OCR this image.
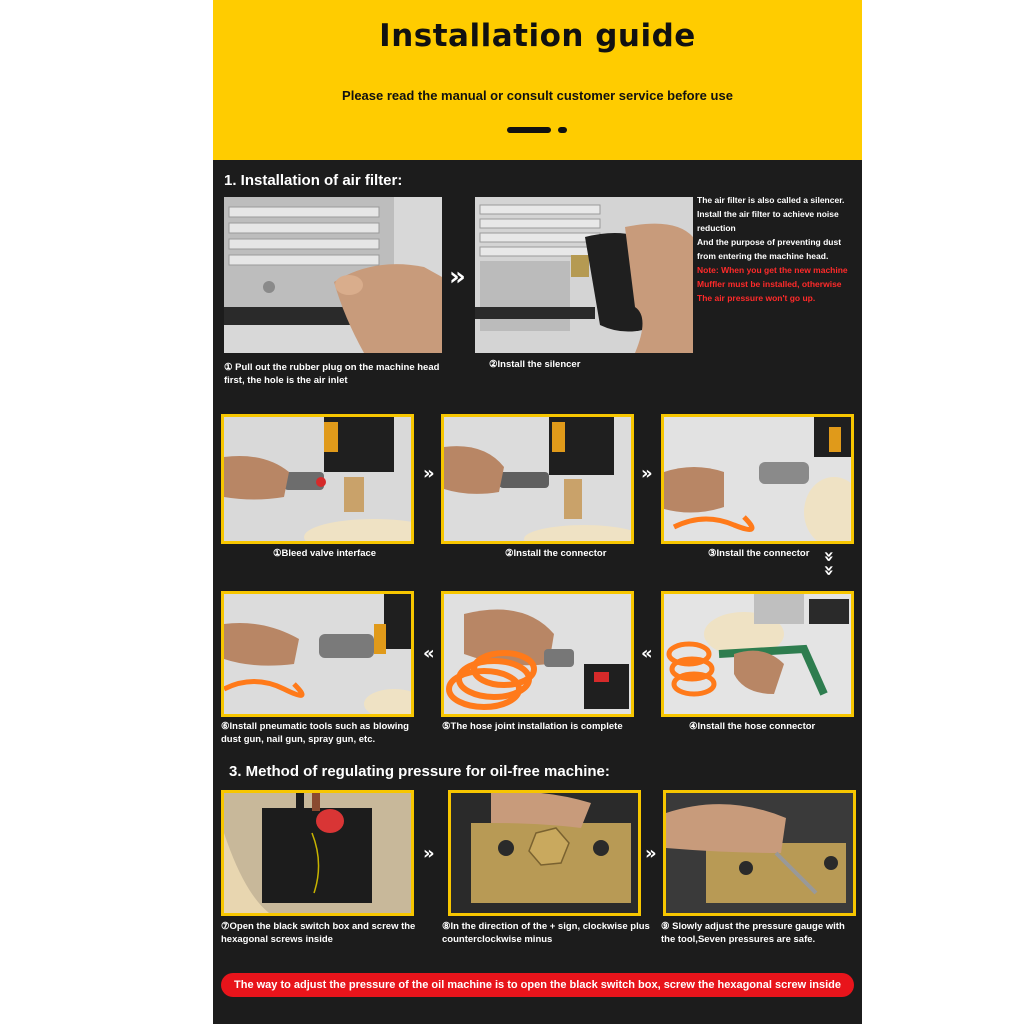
Installation guide
Please read the manual or consult customer service before use
1. Installation of air filter:
»
The air filter is also called a silencer.
Install the air filter to achieve noise reduction
And the purpose of preventing dust from entering the machine head.
Note: When you get the new machine
Muffler must be installed, otherwise
The air pressure won't go up.
① Pull out the rubber plug on the machine head first, the hole is the air inlet
②Install the silencer
»	»
①Bleed valve interface	②Install the connector	③Install the connector »
»
«	«
⑥Install pneumatic tools such as blowing dust gun, nail gun, spray gun, etc.
⑤The hose joint installation is complete	④Install the hose connector
3. Method of regulating pressure for oil-free machine:
»	»
⑦Open the black switch box and screw the hexagonal screws inside
⑧In the direction of the + sign, clockwise plus counterclockwise minus
⑨ Slowly adjust the pressure gauge with the tool,Seven pressures are safe.
The way to adjust the pressure of the oil machine is to open the black switch box, screw the hexagonal screw inside
